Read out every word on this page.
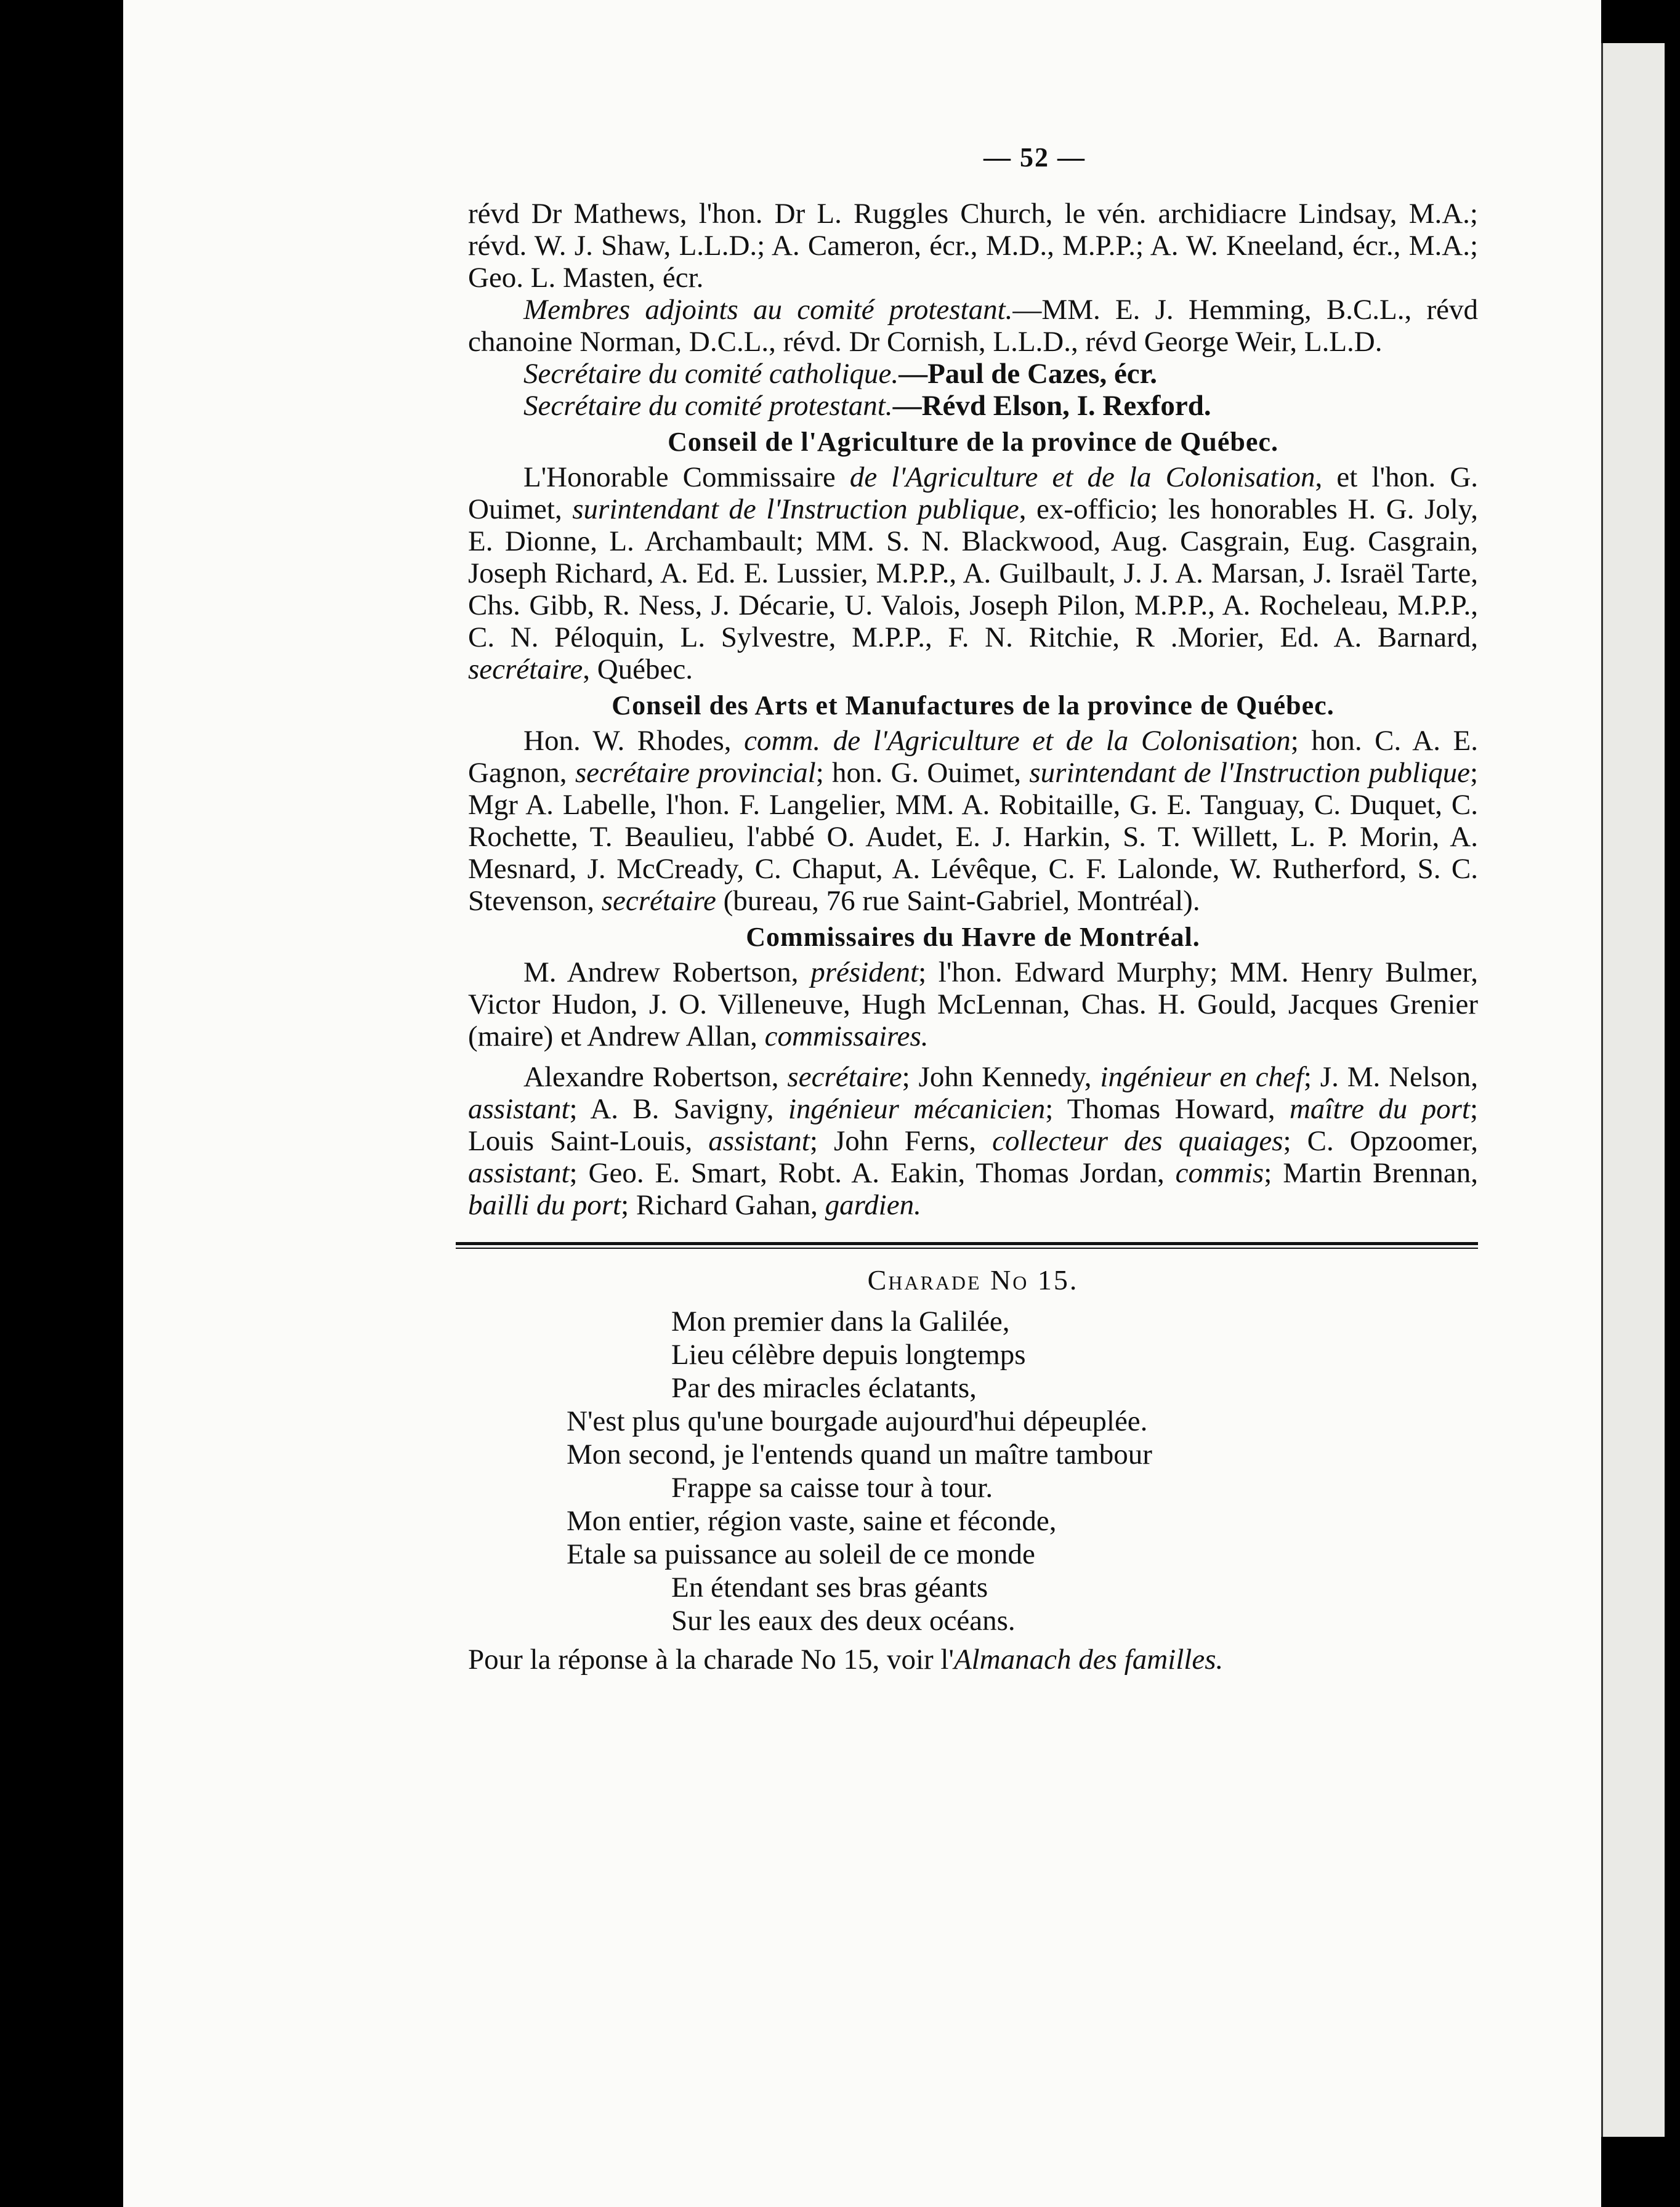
— 52 —

révd Dr Mathews, l'hon. Dr L. Ruggles Church, le vén. archidiacre Lindsay, M.A.; révd. W. J. Shaw, L.L.D.; A. Cameron, écr., M.D., M.P.P.; A. W. Kneeland, écr., M.A.; Geo. L. Masten, écr.

Membres adjoints au comité protestant.—MM. E. J. Hemming, B.C.L., révd chanoine Norman, D.C.L., révd. Dr Cornish, L.L.D., révd George Weir, L.L.D.

Secrétaire du comité catholique.—Paul de Cazes, écr.

Secrétaire du comité protestant.—Révd Elson, I. Rexford.

Conseil de l'Agriculture de la province de Québec.

L'Honorable Commissaire de l'Agriculture et de la Colonisation, et l'hon. G. Ouimet, surintendant de l'Instruction publique, ex-officio; les honorables H. G. Joly, E. Dionne, L. Archambault; MM. S. N. Blackwood, Aug. Casgrain, Eug. Casgrain, Joseph Richard, A. Ed. E. Lussier, M.P.P., A. Guilbault, J. J. A. Marsan, J. Israël Tarte, Chs. Gibb, R. Ness, J. Décarie, U. Valois, Joseph Pilon, M.P.P., A. Rocheleau, M.P.P., C. N. Péloquin, L. Sylvestre, M.P.P., F. N. Ritchie, R .Morier, Ed. A. Barnard, secrétaire, Québec.

Conseil des Arts et Manufactures de la province de Québec.

Hon. W. Rhodes, comm. de l'Agriculture et de la Colonisation; hon. C. A. E. Gagnon, secrétaire provincial; hon. G. Ouimet, surintendant de l'Instruction publique; Mgr A. Labelle, l'hon. F. Langelier, MM. A. Robitaille, G. E. Tanguay, C. Duquet, C. Rochette, T. Beaulieu, l'abbé O. Audet, E. J. Harkin, S. T. Willett, L. P. Morin, A. Mesnard, J. McCready, C. Chaput, A. Lévêque, C. F. Lalonde, W. Rutherford, S. C. Stevenson, secrétaire (bureau, 76 rue Saint-Gabriel, Montréal).

Commissaires du Havre de Montréal.

M. Andrew Robertson, président; l'hon. Edward Murphy; MM. Henry Bulmer, Victor Hudon, J. O. Villeneuve, Hugh McLennan, Chas. H. Gould, Jacques Grenier (maire) et Andrew Allan, commissaires.

Alexandre Robertson, secrétaire; John Kennedy, ingénieur en chef; J. M. Nelson, assistant; A. B. Savigny, ingénieur mécanicien; Thomas Howard, maître du port; Louis Saint-Louis, assistant; John Ferns, collecteur des quaiages; C. Opzoomer, assistant; Geo. E. Smart, Robt. A. Eakin, Thomas Jordan, commis; Martin Brennan, bailli du port; Richard Gahan, gardien.

Charade No 15.
Mon premier dans la Galilée,
Lieu célèbre depuis longtemps
Par des miracles éclatants,
N'est plus qu'une bourgade aujourd'hui dépeuplée.
Mon second, je l'entends quand un maître tambour
Frappe sa caisse tour à tour.
Mon entier, région vaste, saine et féconde,
Etale sa puissance au soleil de ce monde
En étendant ses bras géants
Sur les eaux des deux océans.
Pour la réponse à la charade No 15, voir l'Almanach des familles.
